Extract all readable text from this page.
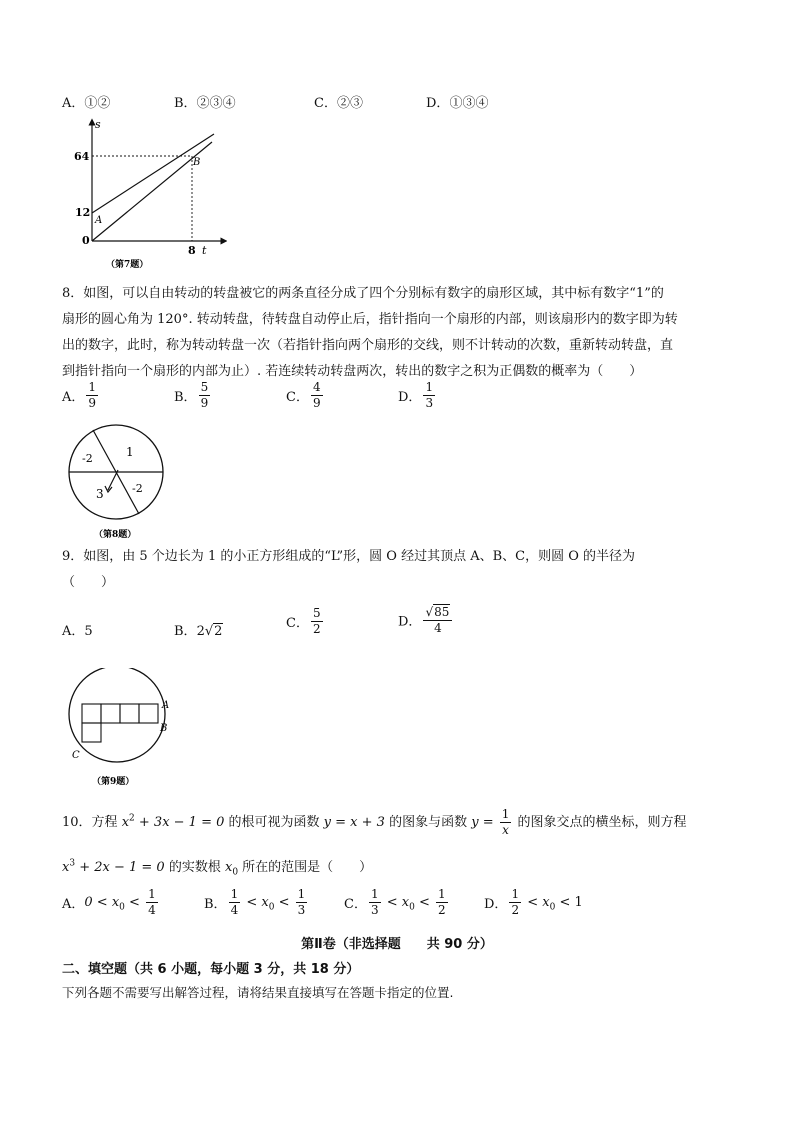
A．①②	B．②③④	C．②③	D．①③④
s
64
12
A
B
0
8 t
（第7题）
8．如图，可以自由转动的转盘被它的两条直径分成了四个分别标有数字的扇形区域，其中标有数字“1”的
扇形的圆心角为 120°. 转动转盘，待转盘自动停止后，指针指向一个扇形的内部，则该扇形内的数字即为转
出的数字，此时，称为转动转盘一次（若指针指向两个扇形的交线，则不计转动的次数，重新转动转盘，直
到指针指向一个扇形的内部为止）. 若连续转动转盘两次，转出的数字之积为正偶数的概率为（　　）
A． $\frac{1}{9}$	B． $\frac{5}{9}$	C． $\frac{4}{9}$	D． $\frac{1}{3}$
-2	1
3	-2
（第8题）
9．如图，由 5 个边长为 1 的小正方形组成的“L”形，圆 O 经过其顶点 A、B、C，则圆 O 的半径为
（　　）
A．5	B．2√2
C． $\frac{5}{2}$	D． $\frac{√85}{4}$
A
B
C
（第9题）
10．方程 $x^2 + 3x - 1 = 0$ 的根可视为函数 y = x + 3 的图象与函数 $y = \frac{1}{x}$ 的图象交点的横坐标，则方程
$x^3 + 2x - 1 = 0$ 的实数根 $x_0$ 所在的范围是（　　）
A．$0 < x_0 < \frac{1}{4}$	B． $\frac{1}{4} < x_0 < \frac{1}{3}$	C． $\frac{1}{3} < x_0 < \frac{1}{2}$	D． $\frac{1}{2} < x_0 < 1$
第Ⅱ卷（非选择题　　共 90 分）
二、填空题（共 6 小题，每小题 3 分，共 18 分）
下列各题不需要写出解答过程，请将结果直接填写在答题卡指定的位置.
